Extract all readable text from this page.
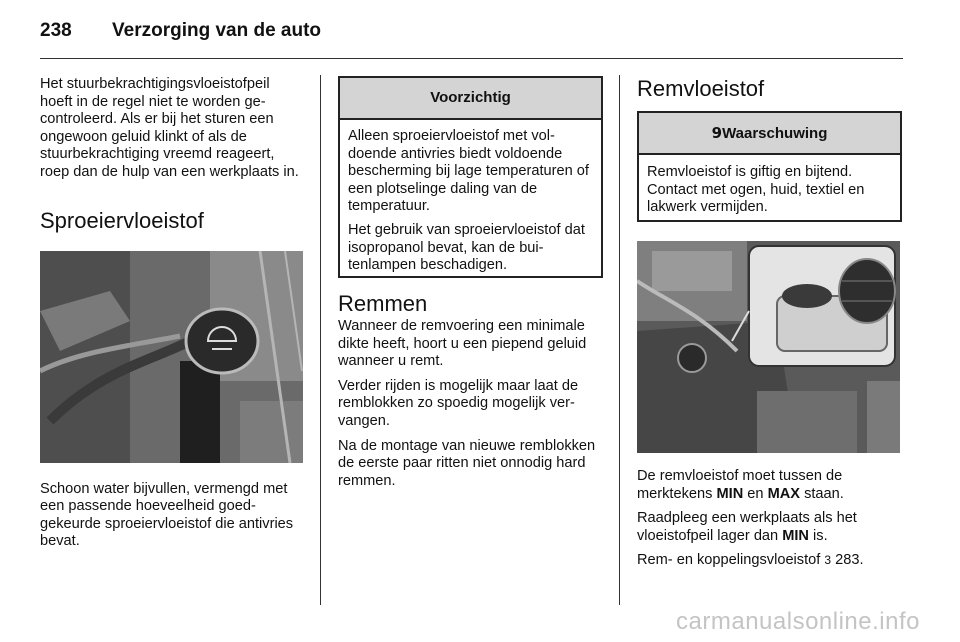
238 Verzorging van de auto

Het stuurbekrachtigingsvloeistofpeil hoeft in de regel niet te worden gecontroleerd. Als er bij het sturen een ongewoon geluid klinkt of als de stuurbekrachtiging vreemd reageert, roep dan de hulp van een werkplaats in.

Sproeiervloeistof

Schoon water bijvullen, vermengd met een passende hoeveelheid goedgekeurde sproeiervloeistof die antivries bevat.

Voorzichtig

Alleen sproeiervloeistof met voldoende antivries biedt voldoende bescherming bij lage temperaturen of een plotselinge daling van de temperatuur.

Het gebruik van sproeiervloeistof dat isopropanol bevat, kan de buitenlampen beschadigen.

Remmen

Wanneer de remvoering een minimale dikte heeft, hoort u een piepend geluid wanneer u remt.

Verder rijden is mogelijk maar laat de remblokken zo spoedig mogelijk vervangen.

Na de montage van nieuwe remblokken de eerste paar ritten niet onnodig hard remmen.

Remvloeistof
9Waarschuwing

Remvloeistof is giftig en bijtend. Contact met ogen, huid, textiel en lakwerk vermijden.

De remvloeistof moet tussen de merktekens MIN en MAX staan.

Raadpleeg een werkplaats als het vloeistofpeil lager dan MIN is.

Rem- en koppelingsvloeistof 3 283.

carmanualsonline.info
